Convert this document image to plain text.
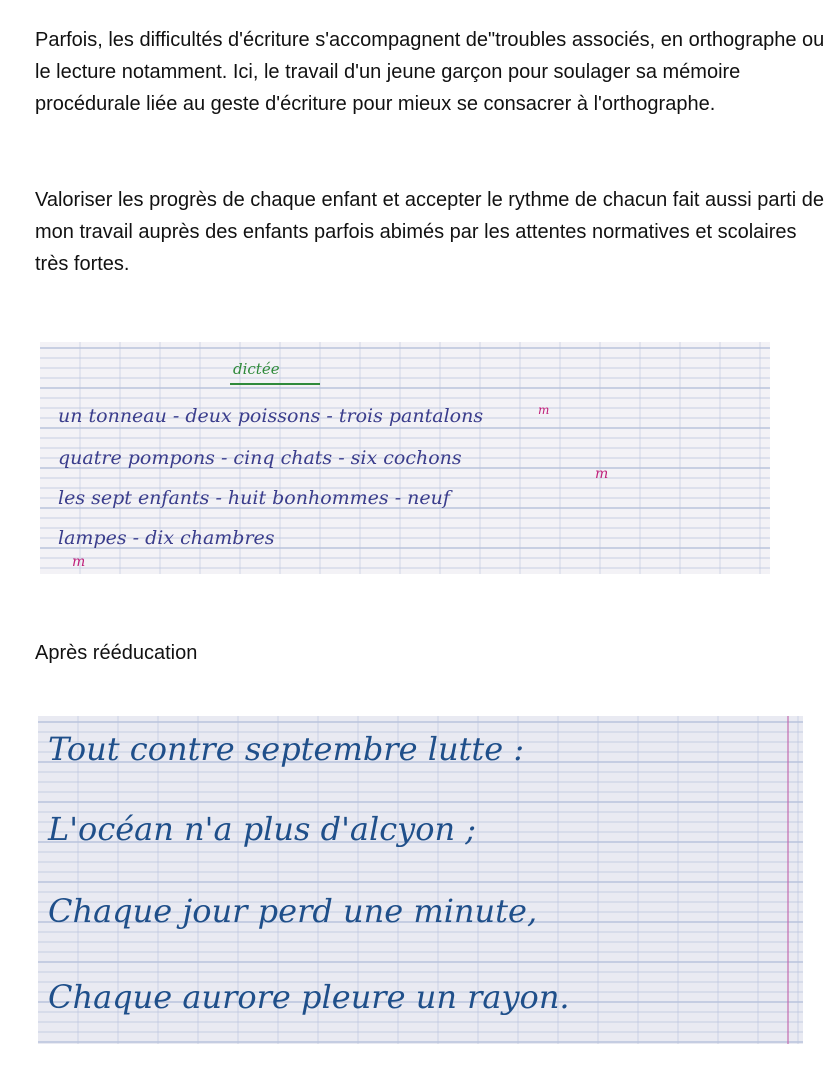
Parfois, les difficultés d'écriture s'accompagnent de"troubles associés, en orthographe ou le lecture notamment. Ici, le travail d'un jeune garçon pour soulager sa mémoire procédurale liée au geste d'écriture pour mieux se consacrer à l'orthographe.

Valoriser les progrès de chaque enfant et accepter le rythme de chacun fait aussi parti de mon travail auprès des enfants parfois abimés par les attentes normatives et scolaires très fortes.

dictée
un tonneau - deux poissons - trois pantalons
quatre pompons - cinq chats - six cochons
les sept enfants - huit bonhommes - neuf
lampes - dix chambres
m
m
m

Après rééducation

Tout contre septembre lutte :
L'océan n'a plus d'alcyon ;
Chaque jour perd une minute,
Chaque aurore pleure un rayon.
